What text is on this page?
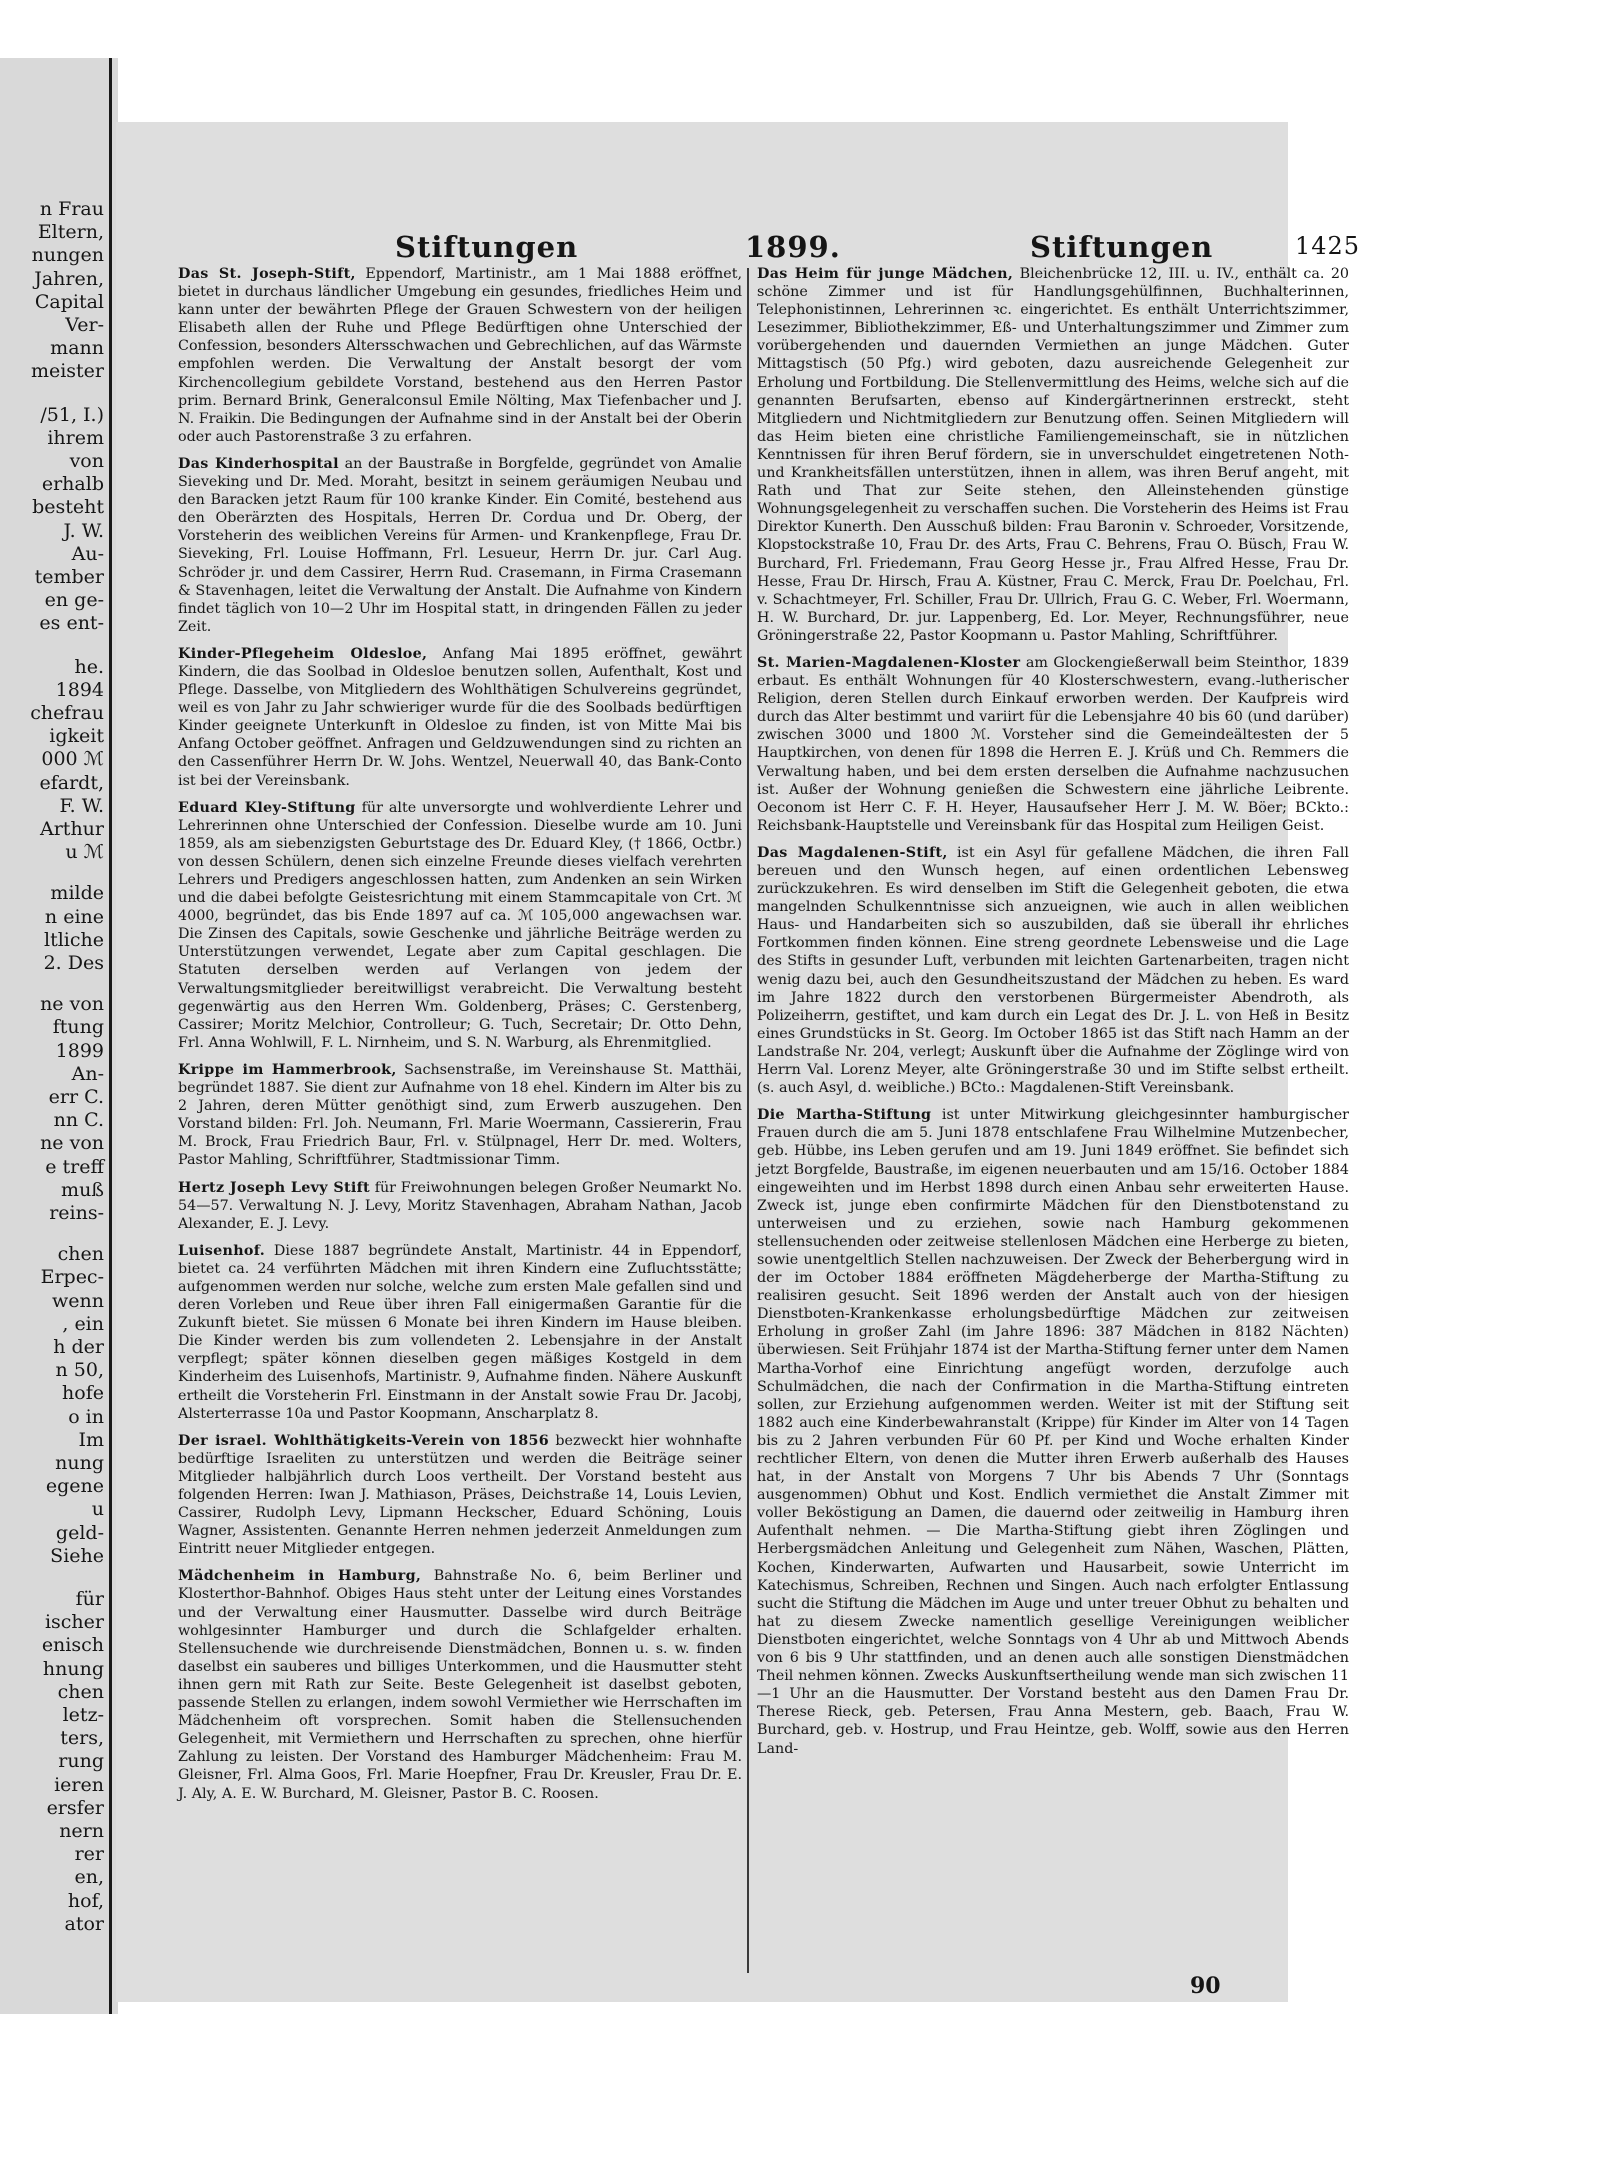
n Frau
Eltern,
nungen
Jahren,
Capital
Ver-
mann
meister
/51, I.)
ihrem
von
erhalb
besteht
J. W.
Au-
tember
en ge-
es ent-
he.
1894
chefrau
igkeit
000 ℳ
efardt,
F. W.
Arthur
u ℳ
milde
n eine
ltliche
2. Des
ne von
ftung
1899
An-
err C.
nn C.
ne von
e treff
muß
reins-
chen
Erpec-
wenn
, ein
h der
n 50,
hofe
o in
Im
nung
egene
u
geld-
Siehe
für
ischer
enisch
hnung
chen
letz-
ters,
rung
ieren
ersfer
nern
rer
en,
hof,
ator
Stiftungen	1899.	Stiftungen	1425

Das St. Joseph-Stift, Eppendorf, Martinistr., am 1 Mai 1888 eröffnet, bietet in durchaus ländlicher Umgebung ein gesundes, friedliches Heim und kann unter der bewährten Pflege der Grauen Schwestern von der heiligen Elisabeth allen der Ruhe und Pflege Bedürftigen ohne Unterschied der Confession, besonders Altersschwachen und Gebrechlichen, auf das Wärmste empfohlen werden. Die Verwaltung der Anstalt besorgt der vom Kirchencollegium gebildete Vorstand, bestehend aus den Herren Pastor prim. Bernard Brink, Generalconsul Emile Nölting, Max Tiefenbacher und J. N. Fraikin. Die Bedingungen der Aufnahme sind in der Anstalt bei der Oberin oder auch Pastorenstraße 3 zu erfahren.

Das Kinderhospital an der Baustraße in Borgfelde, gegründet von Amalie Sieveking und Dr. Med. Moraht, besitzt in seinem geräumigen Neubau und den Baracken jetzt Raum für 100 kranke Kinder. Ein Comité, bestehend aus den Oberärzten des Hospitals, Herren Dr. Cordua und Dr. Oberg, der Vorsteherin des weiblichen Vereins für Armen- und Krankenpflege, Frau Dr. Sieveking, Frl. Louise Hoffmann, Frl. Lesueur, Herrn Dr. jur. Carl Aug. Schröder jr. und dem Cassirer, Herrn Rud. Crasemann, in Firma Crasemann & Stavenhagen, leitet die Verwaltung der Anstalt. Die Aufnahme von Kindern findet täglich von 10—2 Uhr im Hospital statt, in dringenden Fällen zu jeder Zeit.

Kinder-Pflegeheim Oldesloe, Anfang Mai 1895 eröffnet, gewährt Kindern, die das Soolbad in Oldesloe benutzen sollen, Aufenthalt, Kost und Pflege. Dasselbe, von Mitgliedern des Wohlthätigen Schulvereins gegründet, weil es von Jahr zu Jahr schwieriger wurde für die des Soolbads bedürftigen Kinder geeignete Unterkunft in Oldesloe zu finden, ist von Mitte Mai bis Anfang October geöffnet. Anfragen und Geldzuwendungen sind zu richten an den Cassenführer Herrn Dr. W. Johs. Wentzel, Neuerwall 40, das Bank-Conto ist bei der Vereinsbank.

Eduard Kley-Stiftung für alte unversorgte und wohlverdiente Lehrer und Lehrerinnen ohne Unterschied der Confession. Dieselbe wurde am 10. Juni 1859, als am siebenzigsten Geburtstage des Dr. Eduard Kley, († 1866, Octbr.) von dessen Schülern, denen sich einzelne Freunde dieses vielfach verehrten Lehrers und Predigers angeschlossen hatten, zum Andenken an sein Wirken und die dabei befolgte Geistesrichtung mit einem Stammcapitale von Crt. ℳ 4000, begründet, das bis Ende 1897 auf ca. ℳ 105,000 angewachsen war. Die Zinsen des Capitals, sowie Geschenke und jährliche Beiträge werden zu Unterstützungen verwendet, Legate aber zum Capital geschlagen. Die Statuten derselben werden auf Verlangen von jedem der Verwaltungsmitglieder bereitwilligst verabreicht. Die Verwaltung besteht gegenwärtig aus den Herren Wm. Goldenberg, Präses; C. Gerstenberg, Cassirer; Moritz Melchior, Controlleur; G. Tuch, Secretair; Dr. Otto Dehn, Frl. Anna Wohlwill, F. L. Nirnheim, und S. N. Warburg, als Ehrenmitglied.

Krippe im Hammerbrook, Sachsenstraße, im Vereinshause St. Matthäi, begründet 1887. Sie dient zur Aufnahme von 18 ehel. Kindern im Alter bis zu 2 Jahren, deren Mütter genöthigt sind, zum Erwerb auszugehen. Den Vorstand bilden: Frl. Joh. Neumann, Frl. Marie Woermann, Cassiererin, Frau M. Brock, Frau Friedrich Baur, Frl. v. Stülpnagel, Herr Dr. med. Wolters, Pastor Mahling, Schriftführer, Stadtmissionar Timm.

Hertz Joseph Levy Stift für Freiwohnungen belegen Großer Neumarkt No. 54—57. Verwaltung N. J. Levy, Moritz Stavenhagen, Abraham Nathan, Jacob Alexander, E. J. Levy.

Luisenhof. Diese 1887 begründete Anstalt, Martinistr. 44 in Eppendorf, bietet ca. 24 verführten Mädchen mit ihren Kindern eine Zufluchtsstätte; aufgenommen werden nur solche, welche zum ersten Male gefallen sind und deren Vorleben und Reue über ihren Fall einigermaßen Garantie für die Zukunft bietet. Sie müssen 6 Monate bei ihren Kindern im Hause bleiben. Die Kinder werden bis zum vollendeten 2. Lebensjahre in der Anstalt verpflegt; später können dieselben gegen mäßiges Kostgeld in dem Kinderheim des Luisenhofs, Martinistr. 9, Aufnahme finden. Nähere Auskunft ertheilt die Vorsteherin Frl. Einstmann in der Anstalt sowie Frau Dr. Jacobj, Alsterterrasse 10a und Pastor Koopmann, Anscharplatz 8.

Der israel. Wohlthätigkeits-Verein von 1856 bezweckt hier wohnhafte bedürftige Israeliten zu unterstützen und werden die Beiträge seiner Mitglieder halbjährlich durch Loos vertheilt. Der Vorstand besteht aus folgenden Herren: Iwan J. Mathiason, Präses, Deichstraße 14, Louis Levien, Cassirer, Rudolph Levy, Lipmann Heckscher, Eduard Schöning, Louis Wagner, Assistenten. Genannte Herren nehmen jederzeit Anmeldungen zum Eintritt neuer Mitglieder entgegen.

Mädchenheim in Hamburg, Bahnstraße No. 6, beim Berliner und Klosterthor-Bahnhof. Obiges Haus steht unter der Leitung eines Vorstandes und der Verwaltung einer Hausmutter. Dasselbe wird durch Beiträge wohlgesinnter Hamburger und durch die Schlafgelder erhalten. Stellensuchende wie durchreisende Dienstmädchen, Bonnen u. s. w. finden daselbst ein sauberes und billiges Unterkommen, und die Hausmutter steht ihnen gern mit Rath zur Seite. Beste Gelegenheit ist daselbst geboten, passende Stellen zu erlangen, indem sowohl Vermiether wie Herrschaften im Mädchenheim oft vorsprechen. Somit haben die Stellensuchenden Gelegenheit, mit Vermiethern und Herrschaften zu sprechen, ohne hierfür Zahlung zu leisten. Der Vorstand des Hamburger Mädchenheim: Frau M. Gleisner, Frl. Alma Goos, Frl. Marie Hoepfner, Frau Dr. Kreusler, Frau Dr. E. J. Aly, A. E. W. Burchard, M. Gleisner, Pastor B. C. Roosen.

Das Heim für junge Mädchen, Bleichenbrücke 12, III. u. IV., enthält ca. 20 schöne Zimmer und ist für Handlungsgehülfinnen, Buchhalterinnen, Telephonistinnen, Lehrerinnen ꝛc. eingerichtet. Es enthält Unterrichtszimmer, Lesezimmer, Bibliothekzimmer, Eß- und Unterhaltungszimmer und Zimmer zum vorübergehenden und dauernden Vermiethen an junge Mädchen. Guter Mittagstisch (50 Pfg.) wird geboten, dazu ausreichende Gelegenheit zur Erholung und Fortbildung. Die Stellenvermittlung des Heims, welche sich auf die genannten Berufsarten, ebenso auf Kindergärtnerinnen erstreckt, steht Mitgliedern und Nichtmitgliedern zur Benutzung offen. Seinen Mitgliedern will das Heim bieten eine christliche Familiengemeinschaft, sie in nützlichen Kenntnissen für ihren Beruf fördern, sie in unverschuldet eingetretenen Noth- und Krankheitsfällen unterstützen, ihnen in allem, was ihren Beruf angeht, mit Rath und That zur Seite stehen, den Alleinstehenden günstige Wohnungsgelegenheit zu verschaffen suchen. Die Vorsteherin des Heims ist Frau Direktor Kunerth. Den Ausschuß bilden: Frau Baronin v. Schroeder, Vorsitzende, Klopstockstraße 10, Frau Dr. des Arts, Frau C. Behrens, Frau O. Büsch, Frau W. Burchard, Frl. Friedemann, Frau Georg Hesse jr., Frau Alfred Hesse, Frau Dr. Hesse, Frau Dr. Hirsch, Frau A. Küstner, Frau C. Merck, Frau Dr. Poelchau, Frl. v. Schachtmeyer, Frl. Schiller, Frau Dr. Ullrich, Frau G. C. Weber, Frl. Woermann, H. W. Burchard, Dr. jur. Lappenberg, Ed. Lor. Meyer, Rechnungsführer, neue Gröningerstraße 22, Pastor Koopmann u. Pastor Mahling, Schriftführer.

St. Marien-Magdalenen-Kloster am Glockengießerwall beim Steinthor, 1839 erbaut. Es enthält Wohnungen für 40 Klosterschwestern, evang.-lutherischer Religion, deren Stellen durch Einkauf erworben werden. Der Kaufpreis wird durch das Alter bestimmt und variirt für die Lebensjahre 40 bis 60 (und darüber) zwischen 3000 und 1800 ℳ. Vorsteher sind die Gemeindeältesten der 5 Hauptkirchen, von denen für 1898 die Herren E. J. Krüß und Ch. Remmers die Verwaltung haben, und bei dem ersten derselben die Aufnahme nachzusuchen ist. Außer der Wohnung genießen die Schwestern eine jährliche Leibrente. Oeconom ist Herr C. F. H. Heyer, Hausaufseher Herr J. M. W. Böer; BCkto.: Reichsbank-Hauptstelle und Vereinsbank für das Hospital zum Heiligen Geist.

Das Magdalenen-Stift, ist ein Asyl für gefallene Mädchen, die ihren Fall bereuen und den Wunsch hegen, auf einen ordentlichen Lebensweg zurückzukehren. Es wird denselben im Stift die Gelegenheit geboten, die etwa mangelnden Schulkenntnisse sich anzueignen, wie auch in allen weiblichen Haus- und Handarbeiten sich so auszubilden, daß sie überall ihr ehrliches Fortkommen finden können. Eine streng geordnete Lebensweise und die Lage des Stifts in gesunder Luft, verbunden mit leichten Gartenarbeiten, tragen nicht wenig dazu bei, auch den Gesundheitszustand der Mädchen zu heben. Es ward im Jahre 1822 durch den verstorbenen Bürgermeister Abendroth, als Polizeiherrn, gestiftet, und kam durch ein Legat des Dr. J. L. von Heß in Besitz eines Grundstücks in St. Georg. Im October 1865 ist das Stift nach Hamm an der Landstraße Nr. 204, verlegt; Auskunft über die Aufnahme der Zöglinge wird von Herrn Val. Lorenz Meyer, alte Gröningerstraße 30 und im Stifte selbst ertheilt. (s. auch Asyl, d. weibliche.) BCto.: Magdalenen-Stift Vereinsbank.

Die Martha-Stiftung ist unter Mitwirkung gleichgesinnter hamburgischer Frauen durch die am 5. Juni 1878 entschlafene Frau Wilhelmine Mutzenbecher, geb. Hübbe, ins Leben gerufen und am 19. Juni 1849 eröffnet. Sie befindet sich jetzt Borgfelde, Baustraße, im eigenen neuerbauten und am 15/16. October 1884 eingeweihten und im Herbst 1898 durch einen Anbau sehr erweiterten Hause. Zweck ist, junge eben confirmirte Mädchen für den Dienstbotenstand zu unterweisen und zu erziehen, sowie nach Hamburg gekommenen stellensuchenden oder zeitweise stellenlosen Mädchen eine Herberge zu bieten, sowie unentgeltlich Stellen nachzuweisen. Der Zweck der Beherbergung wird in der im October 1884 eröffneten Mägdeherberge der Martha-Stiftung zu realisiren gesucht. Seit 1896 werden der Anstalt auch von der hiesigen Dienstboten-Krankenkasse erholungsbedürftige Mädchen zur zeitweisen Erholung in großer Zahl (im Jahre 1896: 387 Mädchen in 8182 Nächten) überwiesen. Seit Frühjahr 1874 ist der Martha-Stiftung ferner unter dem Namen Martha-Vorhof eine Einrichtung angefügt worden, derzufolge auch Schulmädchen, die nach der Confirmation in die Martha-Stiftung eintreten sollen, zur Erziehung aufgenommen werden. Weiter ist mit der Stiftung seit 1882 auch eine Kinderbewahranstalt (Krippe) für Kinder im Alter von 14 Tagen bis zu 2 Jahren verbunden Für 60 Pf. per Kind und Woche erhalten Kinder rechtlicher Eltern, von denen die Mutter ihren Erwerb außerhalb des Hauses hat, in der Anstalt von Morgens 7 Uhr bis Abends 7 Uhr (Sonntags ausgenommen) Obhut und Kost. Endlich vermiethet die Anstalt Zimmer mit voller Beköstigung an Damen, die dauernd oder zeitweilig in Hamburg ihren Aufenthalt nehmen. — Die Martha-Stiftung giebt ihren Zöglingen und Herbergsmädchen Anleitung und Gelegenheit zum Nähen, Waschen, Plätten, Kochen, Kinderwarten, Aufwarten und Hausarbeit, sowie Unterricht im Katechismus, Schreiben, Rechnen und Singen. Auch nach erfolgter Entlassung sucht die Stiftung die Mädchen im Auge und unter treuer Obhut zu behalten und hat zu diesem Zwecke namentlich gesellige Vereinigungen weiblicher Dienstboten eingerichtet, welche Sonntags von 4 Uhr ab und Mittwoch Abends von 6 bis 9 Uhr stattfinden, und an denen auch alle sonstigen Dienstmädchen Theil nehmen können. Zwecks Auskunftsertheilung wende man sich zwischen 11—1 Uhr an die Hausmutter. Der Vorstand besteht aus den Damen Frau Dr. Therese Rieck, geb. Petersen, Frau Anna Mestern, geb. Baach, Frau W. Burchard, geb. v. Hostrup, und Frau Heintze, geb. Wolff, sowie aus den Herren Land-

90
